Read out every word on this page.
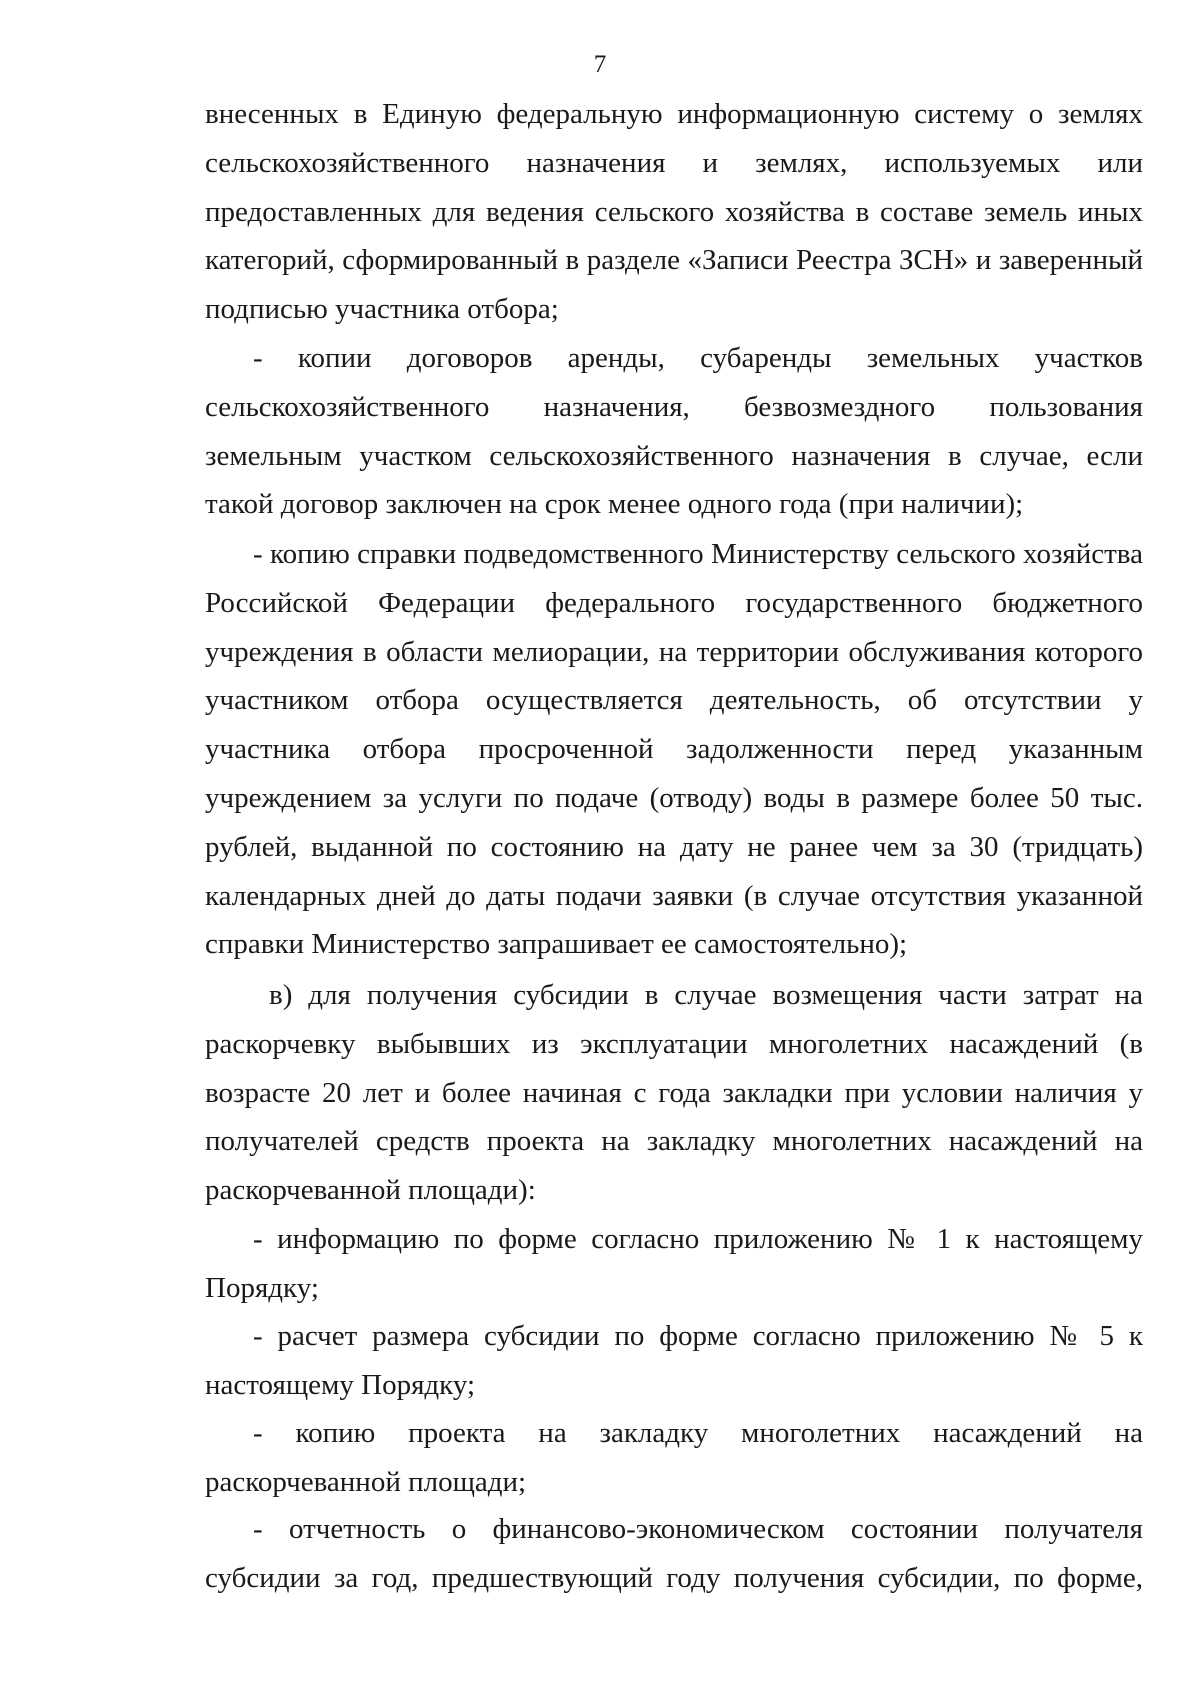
7

внесенных в Единую федеральную информационную систему о землях сельскохозяйственного назначения и землях, используемых или предоставленных для ведения сельского хозяйства в составе земель иных категорий, сформированный в разделе «Записи Реестра ЗСН» и заверенный подписью участника отбора;

- копии договоров аренды, субаренды земельных участков сельскохозяйственного назначения, безвозмездного пользования земельным участком сельскохозяйственного назначения в случае, если такой договор заключен на срок менее одного года (при наличии);

- копию справки подведомственного Министерству сельского хозяйства Российской Федерации федерального государственного бюджетного учреждения в области мелиорации, на территории обслуживания которого участником отбора осуществляется деятельность, об отсутствии у участника отбора просроченной задолженности перед указанным учреждением за услуги по подаче (отводу) воды в размере более 50 тыс. рублей, выданной по состоянию на дату не ранее чем за 30 (тридцать) календарных дней до даты подачи заявки (в случае отсутствия указанной справки Министерство запрашивает ее самостоятельно);

в) для получения субсидии в случае возмещения части затрат на раскорчевку выбывших из эксплуатации многолетних насаждений (в возрасте 20 лет и более начиная с года закладки при условии наличия у получателей средств проекта на закладку многолетних насаждений на раскорчеванной площади):

- информацию по форме согласно приложению № 1 к настоящему Порядку;

- расчет размера субсидии по форме согласно приложению № 5 к настоящему Порядку;

- копию проекта на закладку многолетних насаждений на раскорчеванной площади;

- отчетность о финансово-экономическом состоянии получателя субсидии за год, предшествующий году получения субсидии, по форме,
